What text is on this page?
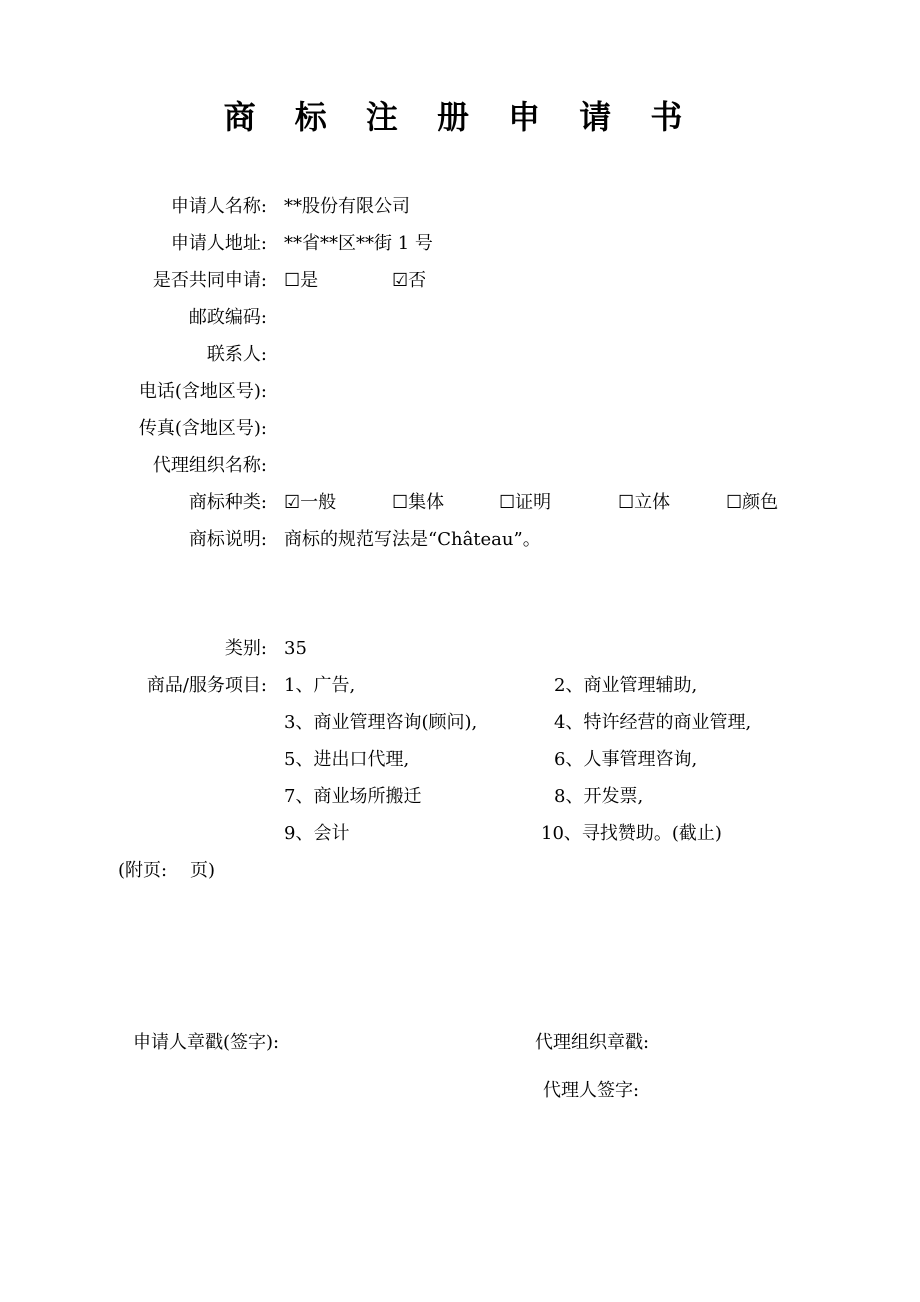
商 标 注 册 申 请 书
申请人名称: **股份有限公司
申请人地址: **省**区**街 1 号
是否共同申请: ☐是	☑否
邮政编码:
联系人:
电话(含地区号):
传真(含地区号):
代理组织名称:
商标种类: ☑一般	☐集体	☐证明	☐立体	☐颜色
商标说明: 商标的规范写法是“Château”。
类别: 35
商品/服务项目: 1、广告,	2、商业管理辅助,
3、商业管理咨询(顾问),	4、特许经营的商业管理,
5、进出口代理,	6、人事管理咨询,
7、商业场所搬迁	8、开发票,
9、会计	10、寻找赞助。(截止)
(附页:    页)
申请人章戳(签字):	代理组织章戳:
代理人签字:
